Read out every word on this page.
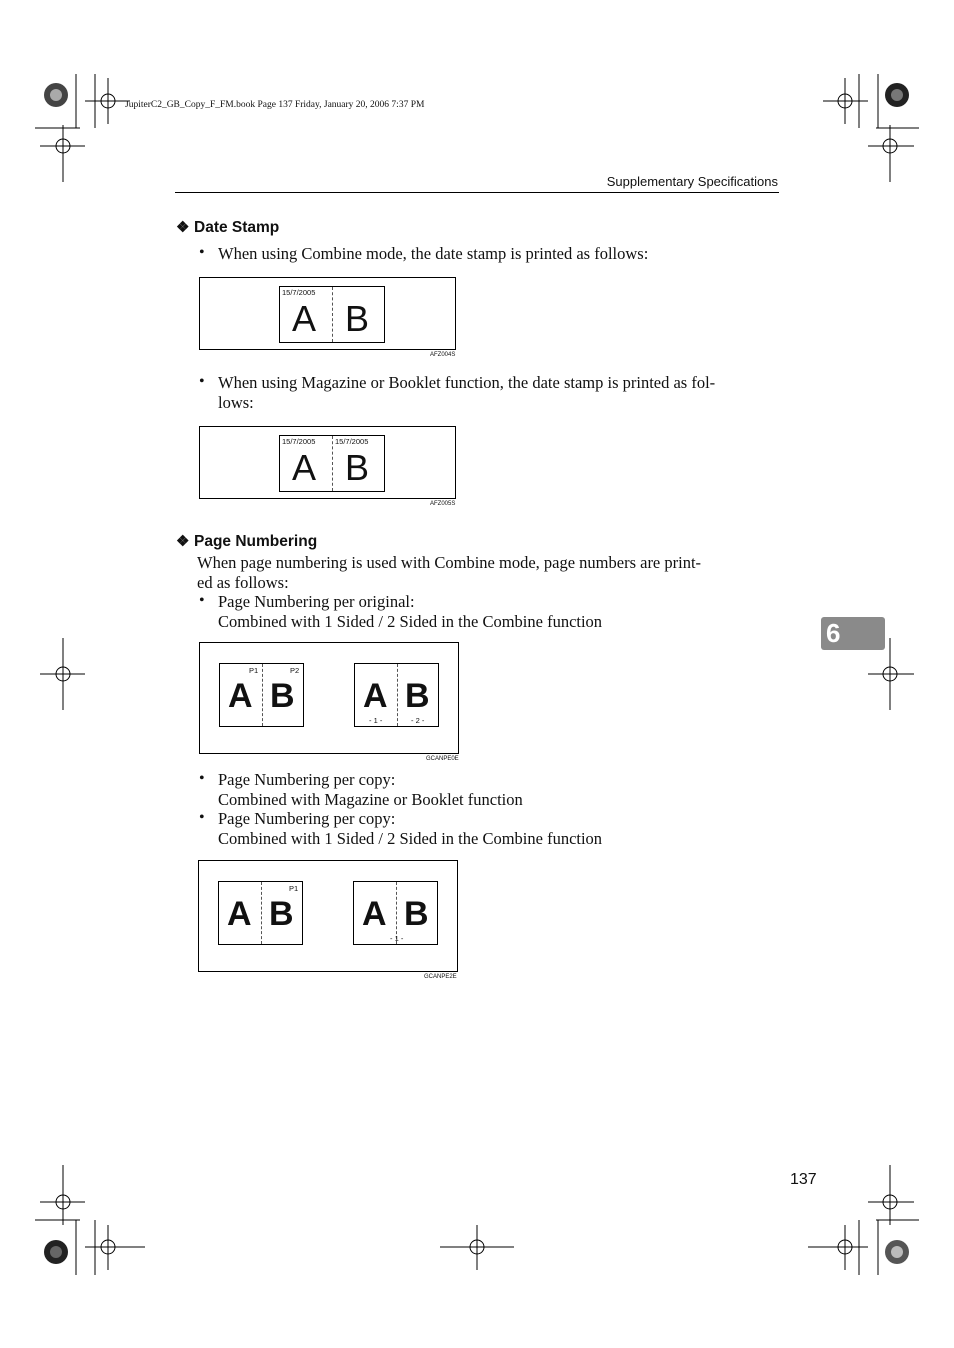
JupiterC2_GB_Copy_F_FM.book Page 137 Friday, January 20, 2006 7:37 PM
Supplementary Specifications
❖ Date Stamp
• When using Combine mode, the date stamp is printed as follows:
15/7/2005
A B
AFZ004S
• When using Magazine or Booklet function, the date stamp is printed as fol-
lows:
15/7/2005	15/7/2005
A B
AFZ005S
❖ Page Numbering
When page numbering is used with Combine mode, page numbers are print-
ed as follows:
• Page Numbering per original:
Combined with 1 Sided / 2 Sided in the Combine function
P1	P2
A B A B
- 1 -	- 2 -
GCANPE0E
• Page Numbering per copy:
Combined with Magazine or Booklet function
• Page Numbering per copy:
Combined with 1 Sided / 2 Sided in the Combine function
P1
A B A B
- 1 -
GCANPE2E
6
137
